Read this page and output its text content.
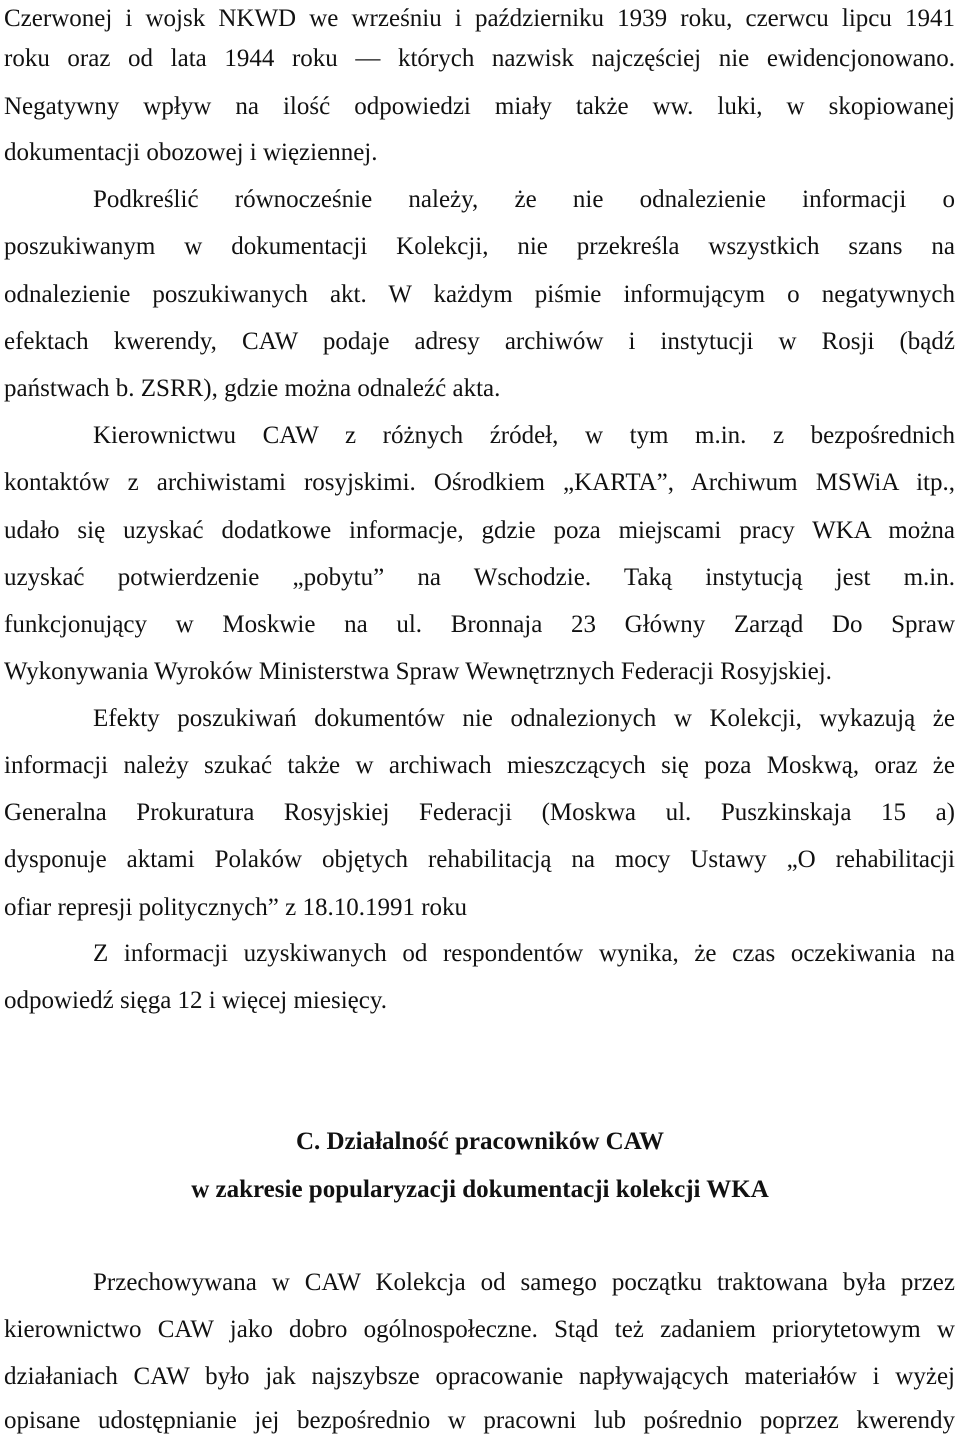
Czerwonej i wojsk NKWD we wrześniu i październiku 1939 roku, czerwcu lipcu 1941
roku oraz od lata 1944 roku — których nazwisk najczęściej nie ewidencjonowano.
Negatywny wpływ na ilość odpowiedzi miały także ww. luki, w skopiowanej
dokumentacji obozowej i więziennej.
Podkreślić równocześnie należy, że nie odnalezienie informacji o
poszukiwanym w dokumentacji Kolekcji, nie przekreśla wszystkich szans na
odnalezienie poszukiwanych akt. W każdym piśmie informującym o negatywnych
efektach kwerendy, CAW podaje adresy archiwów i instytucji w Rosji (bądź
państwach b. ZSRR), gdzie można odnaleźć akta.
Kierownictwu CAW z różnych źródeł, w tym m.in. z bezpośrednich
kontaktów z archiwistami rosyjskimi. Ośrodkiem „KARTA”, Archiwum MSWiA itp.,
udało się uzyskać dodatkowe informacje, gdzie poza miejscami pracy WKA można
uzyskać potwierdzenie „pobytu” na Wschodzie. Taką instytucją jest m.in.
funkcjonujący w Moskwie na ul. Bronnaja 23 Główny Zarząd Do Spraw
Wykonywania Wyroków Ministerstwa Spraw Wewnętrznych Federacji Rosyjskiej.
Efekty poszukiwań dokumentów nie odnalezionych w Kolekcji, wykazują że
informacji należy szukać także w archiwach mieszczących się poza Moskwą, oraz że
Generalna Prokuratura Rosyjskiej Federacji (Moskwa ul. Puszkinskaja 15 a)
dysponuje aktami Polaków objętych rehabilitacją na mocy Ustawy „O rehabilitacji
ofiar represji politycznych” z 18.10.1991 roku
Z informacji uzyskiwanych od respondentów wynika, że czas oczekiwania na
odpowiedź sięga 12 i więcej miesięcy.
C. Działalność pracowników CAW
w zakresie popularyzacji dokumentacji kolekcji WKA
Przechowywana w CAW Kolekcja od samego początku traktowana była przez
kierownictwo CAW jako dobro ogólnospołeczne. Stąd też zadaniem priorytetowym w
działaniach CAW było jak najszybsze opracowanie napływających materiałów i wyżej
opisane udostępnianie jej bezpośrednio w pracowni lub pośrednio poprzez kwerendy
